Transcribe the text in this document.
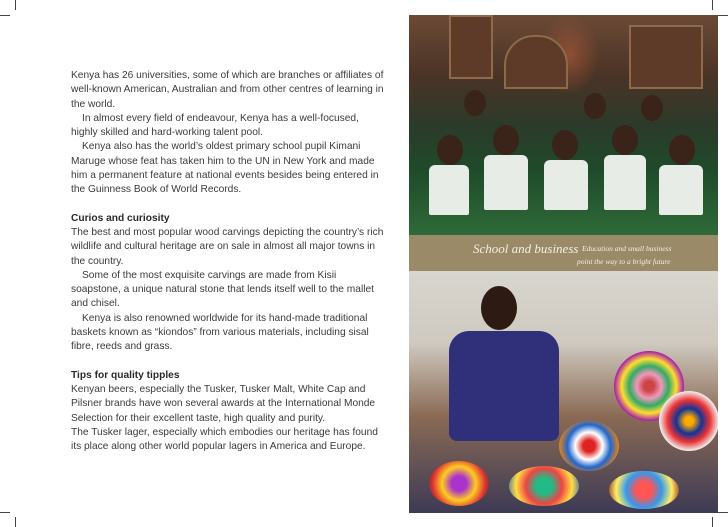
Kenya has 26 universities, some of which are branches or affiliates of well-known American, Australian and from other centres of learning in the world.

In almost every field of endeavour, Kenya has a well-focused, highly skilled and hard-working talent pool.

Kenya also has the world’s oldest primary school pupil Kimani Maruge whose feat has taken him to the UN in New York and made him a permanent feature at national events besides being entered in the Guinness Book of World Records.

Curios and curiosity

The best and most popular wood carvings depicting the country’s rich wildlife and cultural heritage are on sale in almost all major towns in the country.

Some of the most exquisite carvings are made from Kisii soapstone, a unique natural stone that lends itself well to the mallet and chisel.

Kenya is also renowned worldwide for its hand-made traditional baskets known as “kiondos” from various materials, including sisal fibre, reeds and grass.

Tips for quality tipples

Kenyan beers, especially the Tusker, Tusker Malt, White Cap and Pilsner brands have won several awards at the International Monde Selection for their excellent taste, high quality and purity.

The Tusker lager, especially which embodies our heritage has found its place along other world popular lagers in America and Europe.

School and business Education and small business
point the way to a bright future
